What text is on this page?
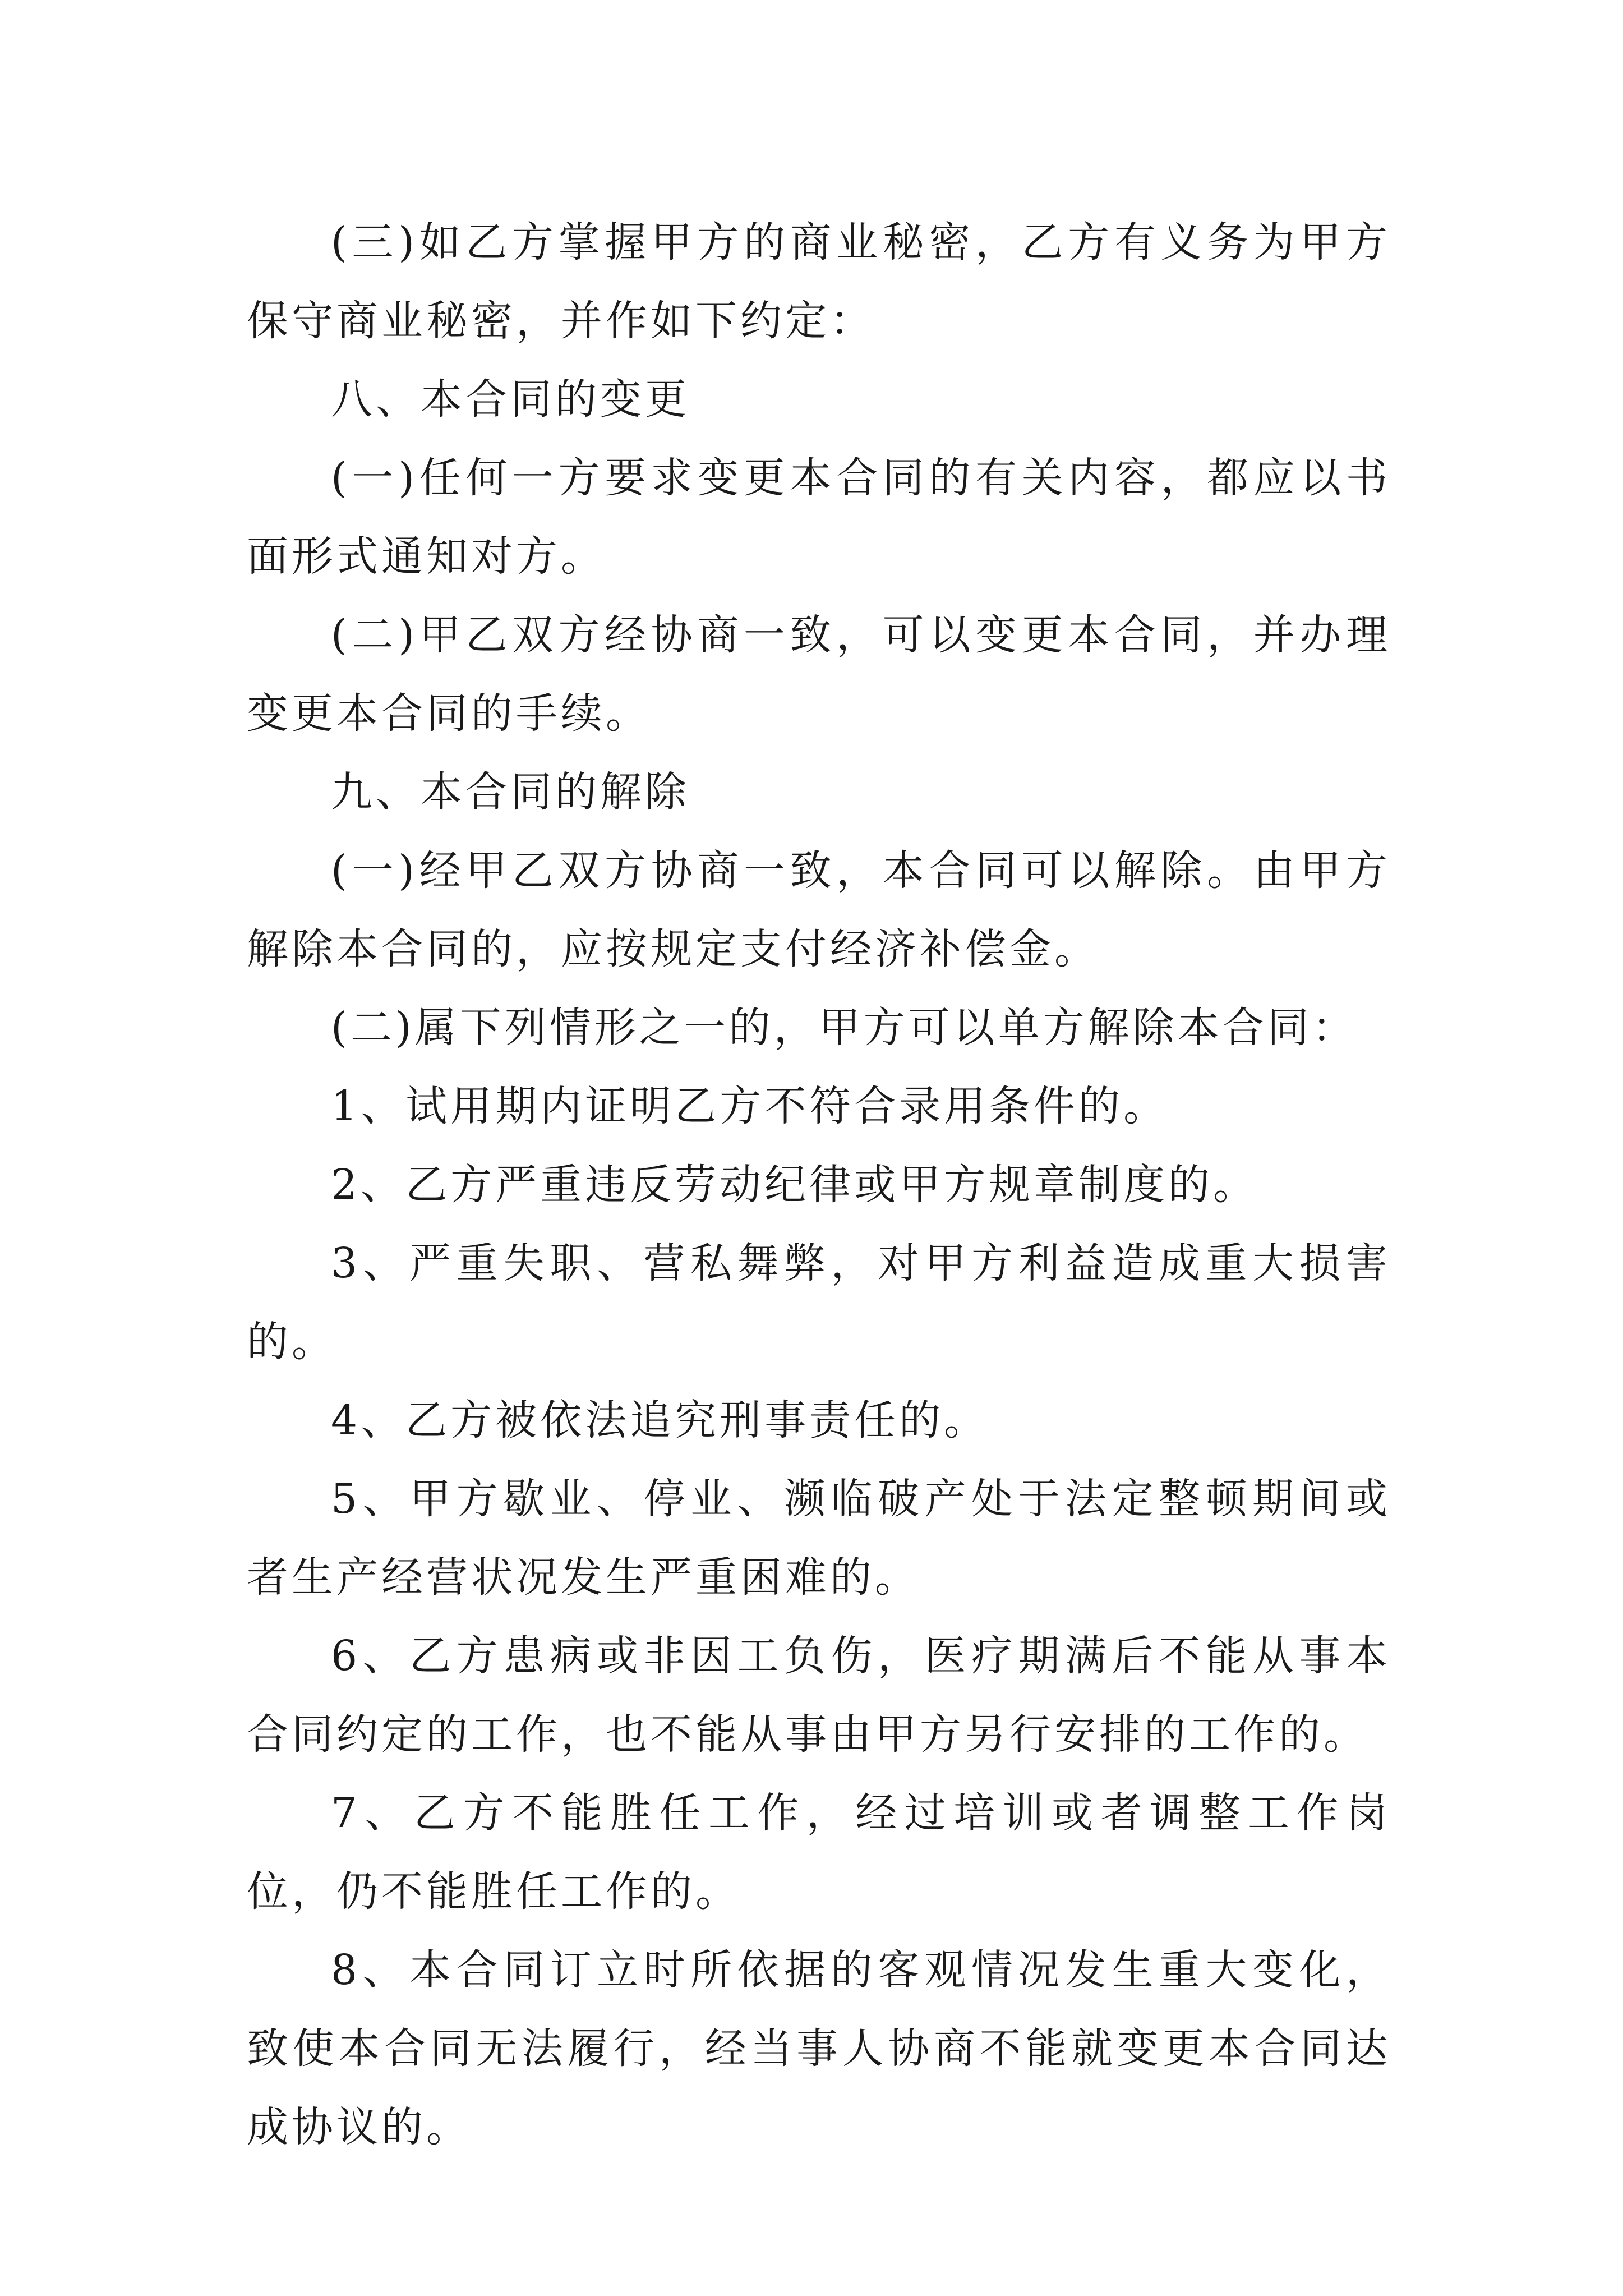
(三)如乙方掌握甲方的商业秘密，乙方有义务为甲方保守商业秘密，并作如下约定：

八、本合同的变更

(一)任何一方要求变更本合同的有关内容，都应以书面形式通知对方。

(二)甲乙双方经协商一致，可以变更本合同，并办理变更本合同的手续。

九、本合同的解除

(一)经甲乙双方协商一致，本合同可以解除。由甲方解除本合同的，应按规定支付经济补偿金。

(二)属下列情形之一的，甲方可以单方解除本合同：

1、试用期内证明乙方不符合录用条件的。

2、乙方严重违反劳动纪律或甲方规章制度的。

3、严重失职、营私舞弊，对甲方利益造成重大损害的。

4、乙方被依法追究刑事责任的。

5、甲方歇业、停业、濒临破产处于法定整顿期间或者生产经营状况发生严重困难的。

6、乙方患病或非因工负伤，医疗期满后不能从事本合同约定的工作，也不能从事由甲方另行安排的工作的。

7、乙方不能胜任工作，经过培训或者调整工作岗位，仍不能胜任工作的。

8、本合同订立时所依据的客观情况发生重大变化，致使本合同无法履行，经当事人协商不能就变更本合同达成协议的。
